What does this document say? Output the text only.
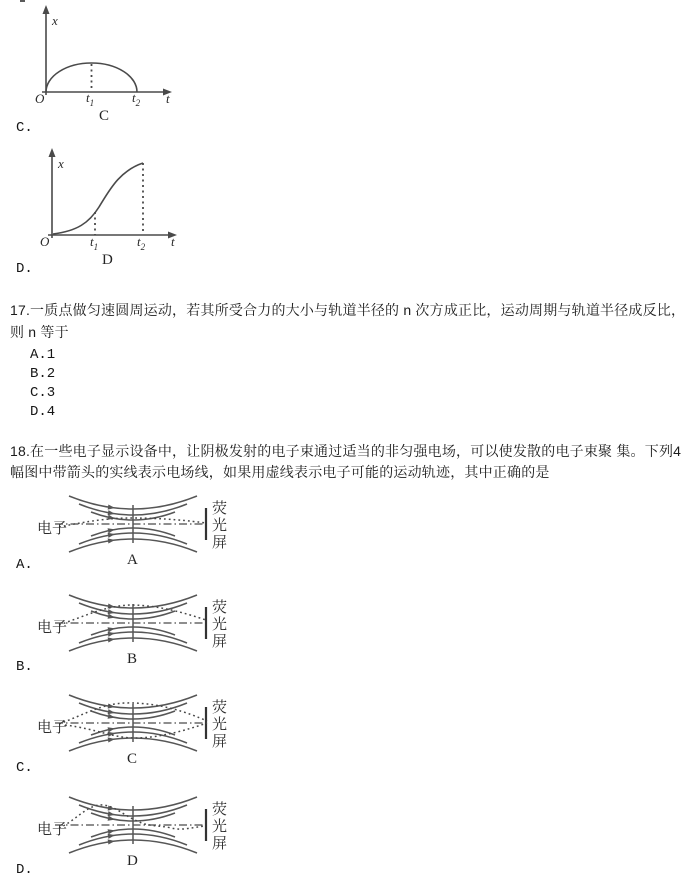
x
O	$t_1$	$t_2$ t
C
C.
x
O	$t_1$	$t_2$ t
D
D.
17.一质点做匀速圆周运动，若其所受合力的大小与轨道半径的 n 次方成正比，运动周期与轨道半径成反比，
则 n 等于
A.1
B.2
C.3
D.4
18.在一些电子显示设备中，让阴极发射的电子束通过适当的非匀强电场，可以使发散的电子束聚 集。下列4
幅图中带箭头的实线表示电场线，如果用虚线表示电子可能的运动轨迹，其中正确的是
电子
荧
光
屏
A
A.
电子
荧
光
屏
B
B.
电子
荧
光
屏
C
C.
电子
荧
光
屏
D
D.
